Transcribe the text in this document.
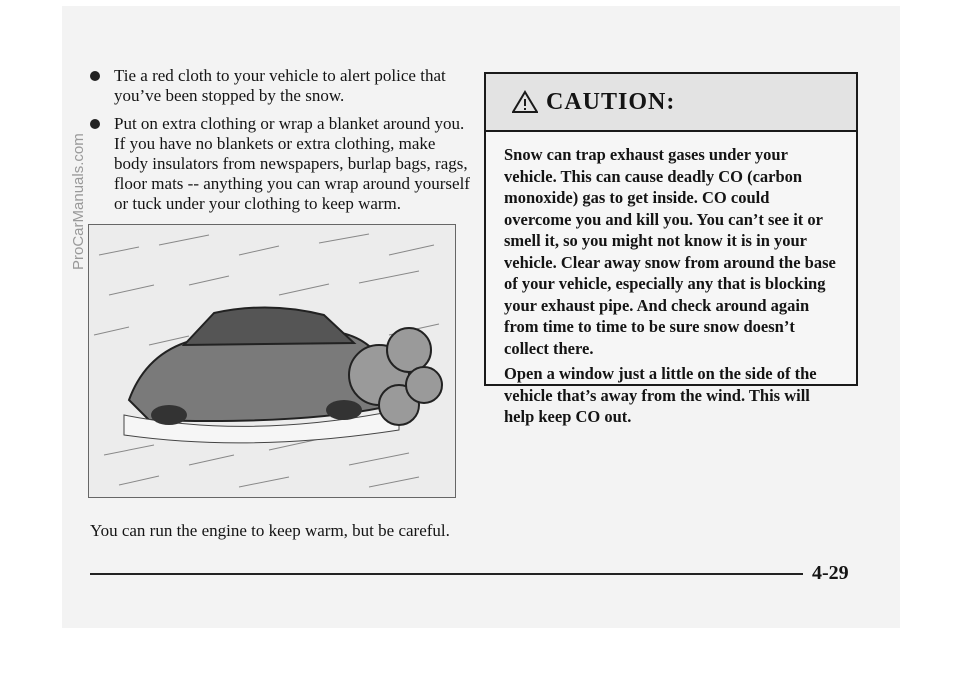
ProCarManuals.com
Tie a red cloth to your vehicle to alert police that you’ve been stopped by the snow.
Put on extra clothing or wrap a blanket around you. If you have no blankets or extra clothing, make body insulators from newspapers, burlap bags, rags, floor mats -- anything you can wrap around yourself or tuck under your clothing to keep warm.
CAUTION:

Snow can trap exhaust gases under your vehicle. This can cause deadly CO (carbon monoxide) gas to get inside. CO could overcome you and kill you. You can’t see it or smell it, so you might not know it is in your vehicle. Clear away snow from around the base of your vehicle, especially any that is blocking your exhaust pipe. And check around again from time to time to be sure snow doesn’t collect there.

Open a window just a little on the side of the vehicle that’s away from the wind. This will help keep CO out.

You can run the engine to keep warm, but be careful.
4-29
